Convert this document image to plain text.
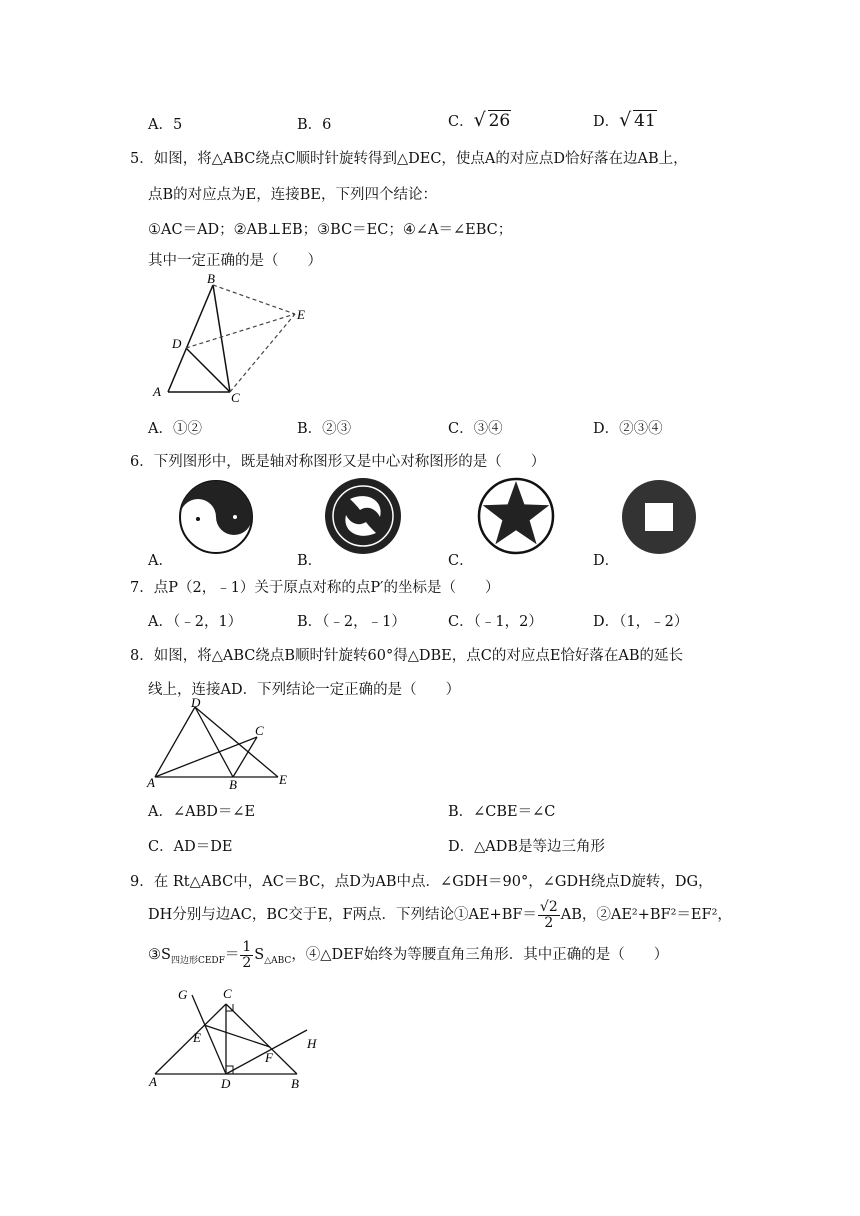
A．5	B．6	C． √ 26	D． √ 41
5．如图，将△ABC绕点C顺时针旋转得到△DEC，使点A的对应点D恰好落在边AB上，
点B的对应点为E，连接BE，下列四个结论：
①AC＝AD；②AB⊥EB；③BC＝EC；④∠A＝∠EBC；
其中一定正确的是（　　）
B
E
D
A	C
A．①②	B．②③	C．③④	D．②③④
6．下列图形中，既是轴对称图形又是中心对称图形的是（　　）
A．	B．	C．	D．
7．点P（2，﹣1）关于原点对称的点P′的坐标是（　　）
A．（﹣2，1）	B．（﹣2，﹣1）	C．（﹣1，2）	D．（1，﹣2）
8．如图，将△ABC绕点B顺时针旋转60°得△DBE，点C的对应点E恰好落在AB的延长
线上，连接AD．下列结论一定正确的是（　　）
D
C
A	B	E
A．∠ABD＝∠E	B．∠CBE＝∠C
C．AD＝DE	D．△ADB是等边三角形
9．在 Rt△ABC中，AC＝BC，点D为AB中点．∠GDH＝90°，∠GDH绕点D旋转，DG，
DH分别与边AC，BC交于E，F两点．下列结论①AE+BF＝ $\frac{√2}{2}$ AB，②AE²+BF²＝EF²，
$③S_{四边形CEDF}= \frac{1}{2} S_{\triangle ABC}$，④△DEF始终为等腰直角三角形．其中正确的是（　　）
G	C
E	H
F
A	D	B
